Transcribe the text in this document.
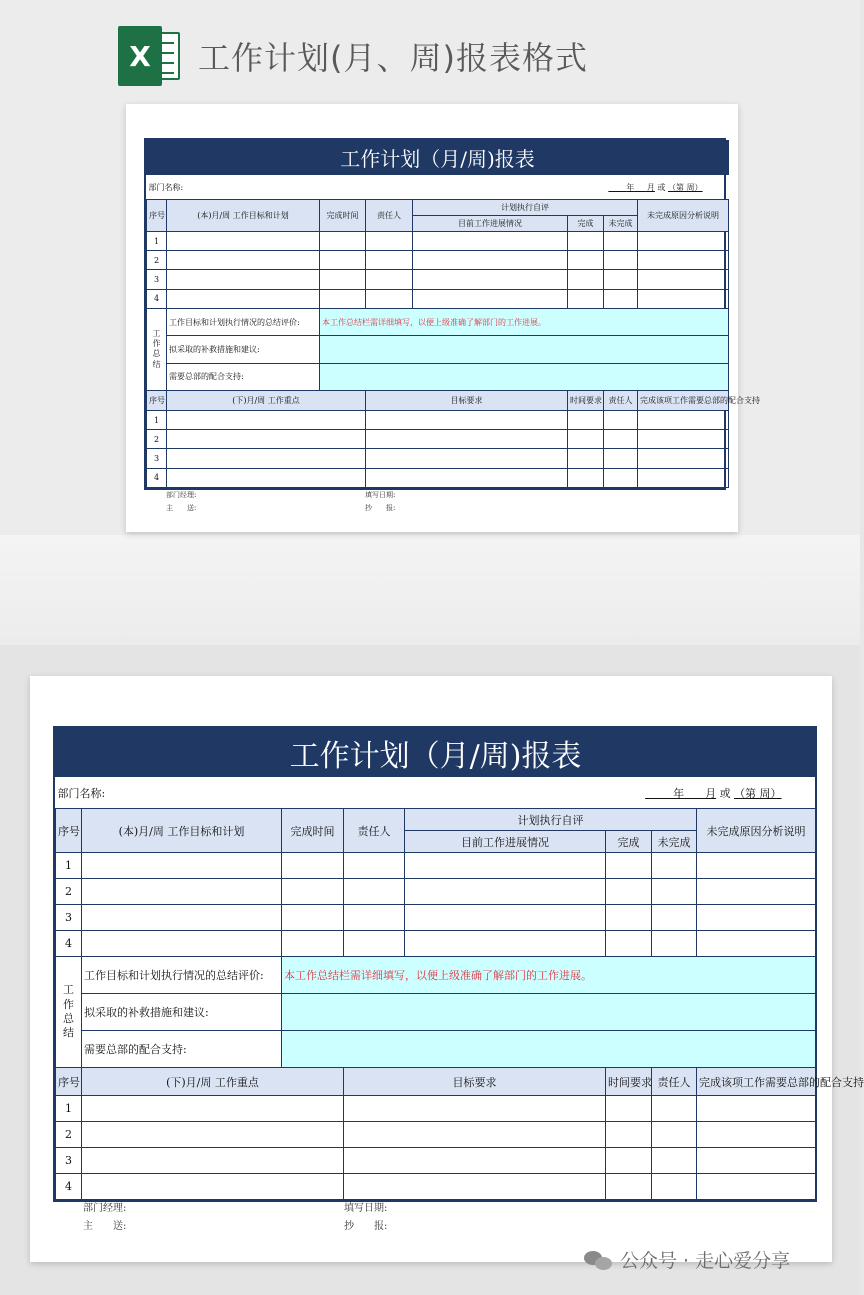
X	工作计划(月、周)报表格式
工作计划（月/周)报表							
部门名称:				年 月 或 （第 周）			
序号	(本)月/周 工作目标和计划	完成时间	责任人	计划执行自评			未完成原因分析说明
				目前工作进展情况	完成	未完成	
1							
2							
3							
4							
工
作
总
结	工作目标和计划执行情况的总结评价:	本工作总结栏需详细填写，以便上级准确了解部门的工作进展。					
	拟采取的补救措施和建议:						
	需要总部的配合支持:						
序号	(下)月/周 工作重点		目标要求		时间要求	责任人	完成该项工作需要总部的配合支持
1							
2							
3							
4							
部门经理:
主　　送:
填写日期:
抄　　报:
工作计划（月/周)报表							
部门名称:				年 月 或 （第 周）			
序号	(本)月/周 工作目标和计划	完成时间	责任人	计划执行自评			未完成原因分析说明
				目前工作进展情况	完成	未完成	
1							
2							
3							
4							
工
作
总
结	工作目标和计划执行情况的总结评价:	本工作总结栏需详细填写，以便上级准确了解部门的工作进展。					
	拟采取的补救措施和建议:						
	需要总部的配合支持:						
序号	(下)月/周 工作重点		目标要求		时间要求	责任人	完成该项工作需要总部的配合支持
1							
2							
3							
4							
部门经理:
主　　送:
填写日期:
抄　　报:
公众号 · 走心爱分享
